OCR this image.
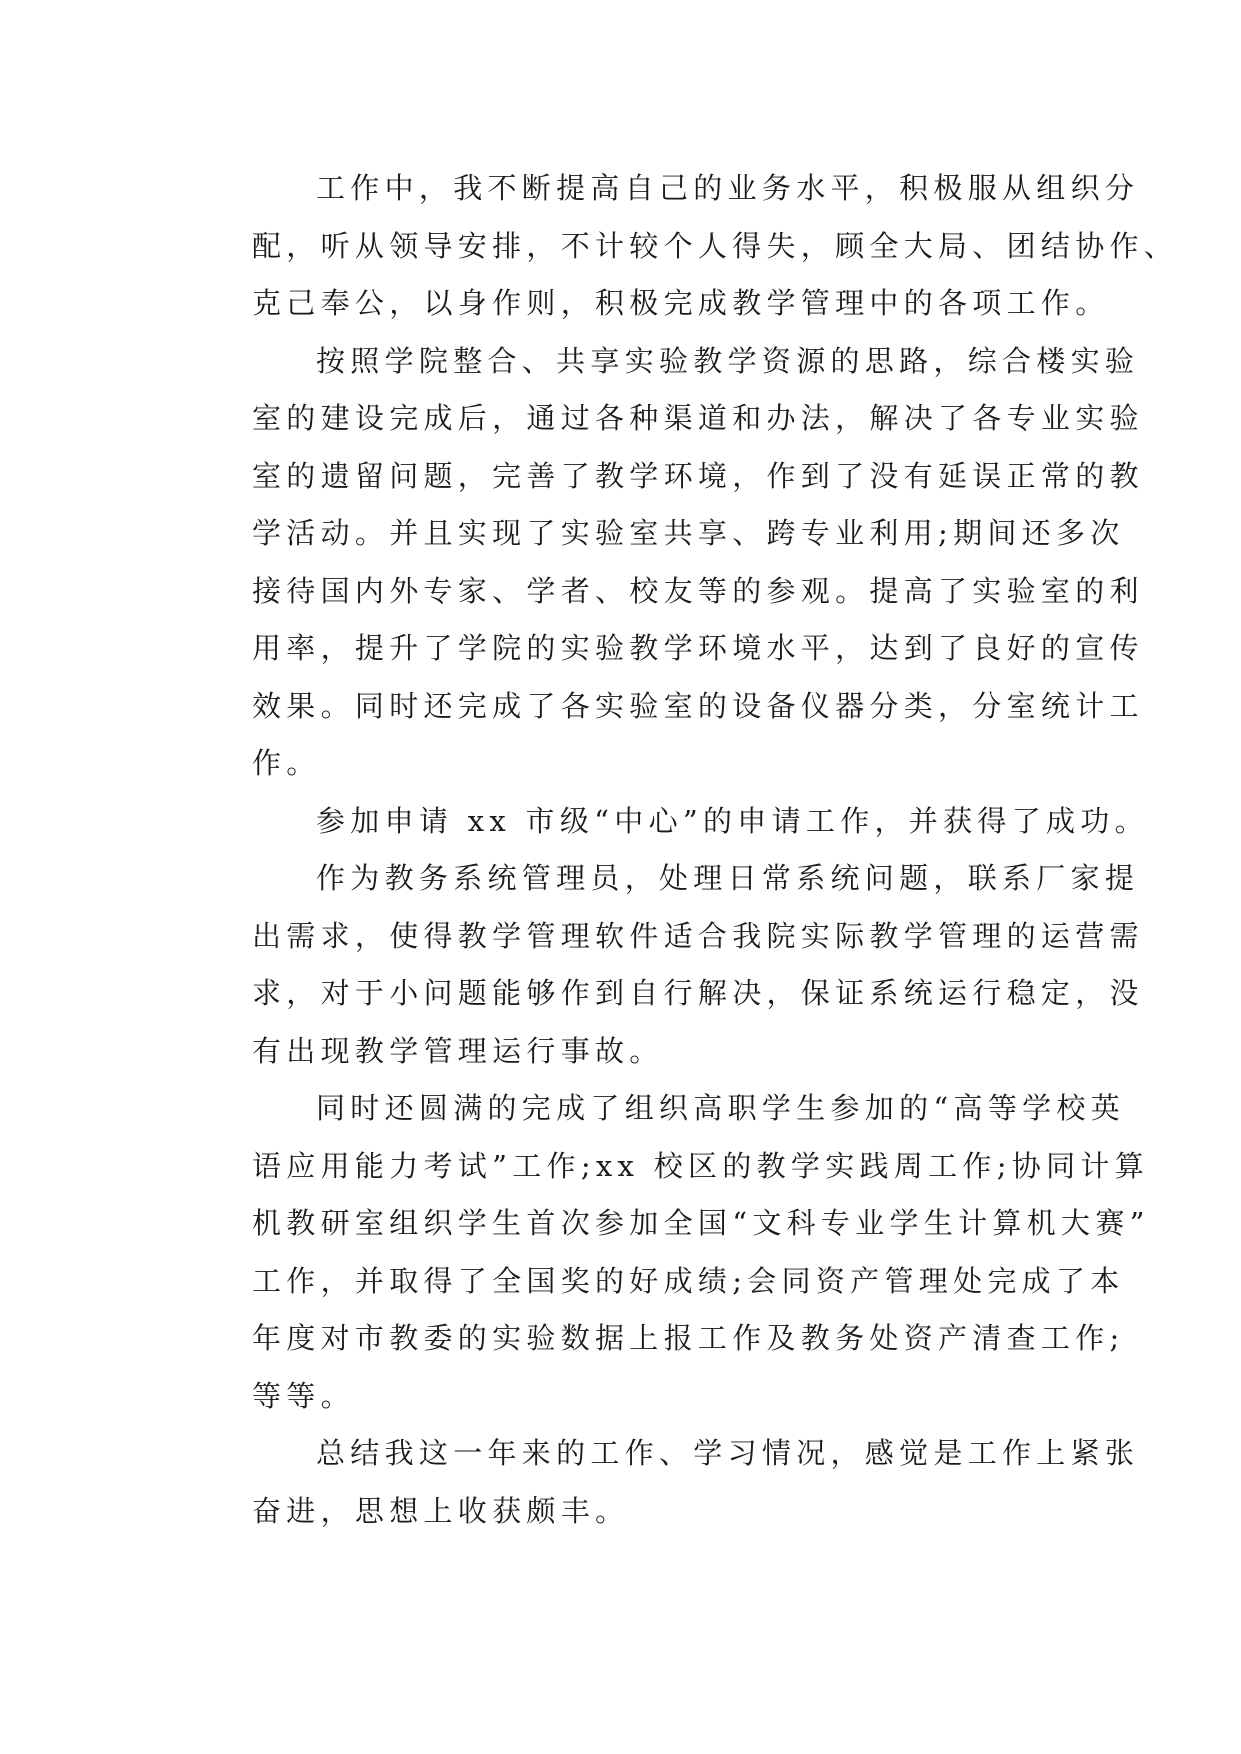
工作中，我不断提高自己的业务水平，积极服从组织分
配，听从领导安排，不计较个人得失，顾全大局、团结协作、
克己奉公，以身作则，积极完成教学管理中的各项工作。
按照学院整合、共享实验教学资源的思路，综合楼实验
室的建设完成后，通过各种渠道和办法，解决了各专业实验
室的遗留问题，完善了教学环境，作到了没有延误正常的教
学活动。并且实现了实验室共享、跨专业利用;期间还多次
接待国内外专家、学者、校友等的参观。提高了实验室的利
用率，提升了学院的实验教学环境水平，达到了良好的宣传
效果。同时还完成了各实验室的设备仪器分类，分室统计工
作。
参加申请 xx 市级“中心”的申请工作，并获得了成功。
作为教务系统管理员，处理日常系统问题，联系厂家提
出需求，使得教学管理软件适合我院实际教学管理的运营需
求，对于小问题能够作到自行解决，保证系统运行稳定，没
有出现教学管理运行事故。
同时还圆满的完成了组织高职学生参加的“高等学校英
语应用能力考试”工作;xx 校区的教学实践周工作;协同计算
机教研室组织学生首次参加全国“文科专业学生计算机大赛”
工作，并取得了全国奖的好成绩;会同资产管理处完成了本
年度对市教委的实验数据上报工作及教务处资产清查工作;
等等。
总结我这一年来的工作、学习情况，感觉是工作上紧张
奋进，思想上收获颇丰。
